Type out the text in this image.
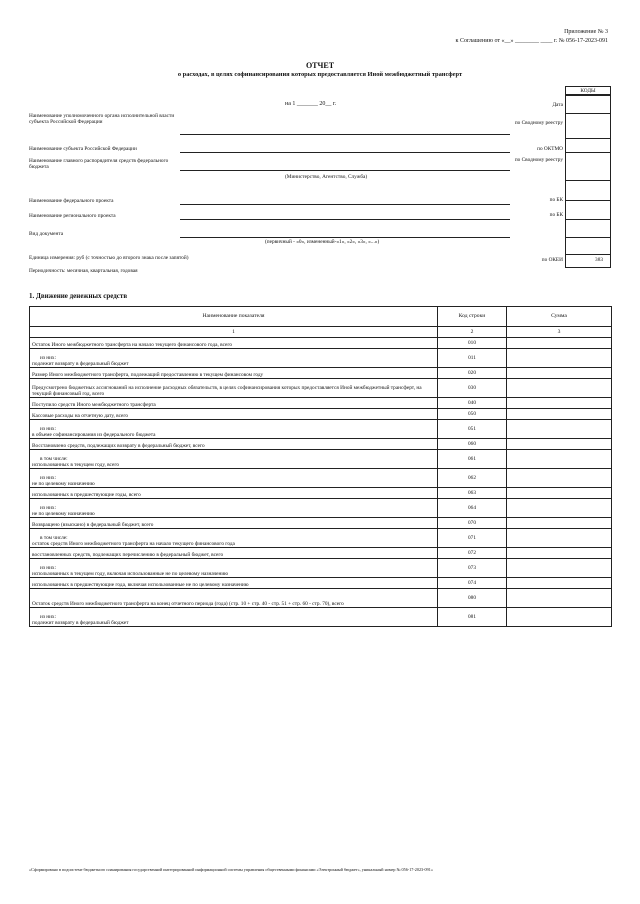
Приложение № 3
к Соглашению от «__» ________ ____ г. № 056-17-2023-091
ОТЧЕТ
о расходах, в целях софинансирования которых предоставляется Иной межбюджетный трансферт
на 1 _______ 20__ г.
Наименование уполномоченного органа исполнительной власти субъекта Российской Федерации
Наименование субъекта Российской Федерации
Наименование главного распорядителя средств федерального бюджета
(Министерство, Агентство, Служба)
Наименование федерального проекта
Наименование регионального проекта
Вид документа
(первичный - «0», измененный-«1», «2», «3», «...»)
Единица измерения: руб (с точностью до второго знака после запятой)
Периодичность: месячная, квартальная, годовая
КОДЫ
Дата
по Сводному реестру
по ОКТМО
по Сводному реестру
по БК
по БК
по ОКЕИ	383
1. Движение денежных средств
Наименование показателя	Код строки	Сумма
1	2	3

Остаток Иного межбюджетного трансферта на начало текущего финансового года, всего	010	

из них:
подлежит возврату в федеральный бюджет	011	

Размер Иного межбюджетного трансферта, подлежащий предоставлению в текущем финансовом году	020	

Предусмотрено бюджетных ассигнований на исполнение расходных обязательств, в целях софинансирования которых предоставляется Иной межбюджетный трансферт, на текущий финансовый год, всего	030	

Поступило средств Иного межбюджетного трансферта	040	

Кассовые расходы на отчетную дату, всего	050	

из них:
в объеме софинансирования из федерального бюджета	051	

Восстановлено средств, подлежащих возврату в федеральный бюджет, всего	060	

в том числе:
использованных в текущем году, всего	061	

из них:
не по целевому назначению	062	

использованных в предшествующие годы, всего	063	

из них:
не по целевому назначению	064	

Возвращено (взыскано) в федеральный бюджет, всего	070	

в том числе:
остаток средств Иного межбюджетного трансферта на начало текущего финансового года	071	

восстановленных средств, подлежащих перечислению в федеральный бюджет, всего	072	

из них:
использованных в текущем году, включая использованные не по целевому назначению	073	

использованных в предшествующие года, включая использованные не по целевому назначению	074	

Остаток средств Иного межбюджетного трансферта на конец отчетного периода (года) (стр. 10 + стр. 40 - стр. 51 + стр. 60 - стр. 70), всего	080	

из них:
подлежит возврату в федеральный бюджет	081	
«Сформировано в подсистеме бюджетного планирования государственной интегрированной информационной системы управления общественными финансами «Электронный бюджет», уникальный номер № 056-17-2023-091»
